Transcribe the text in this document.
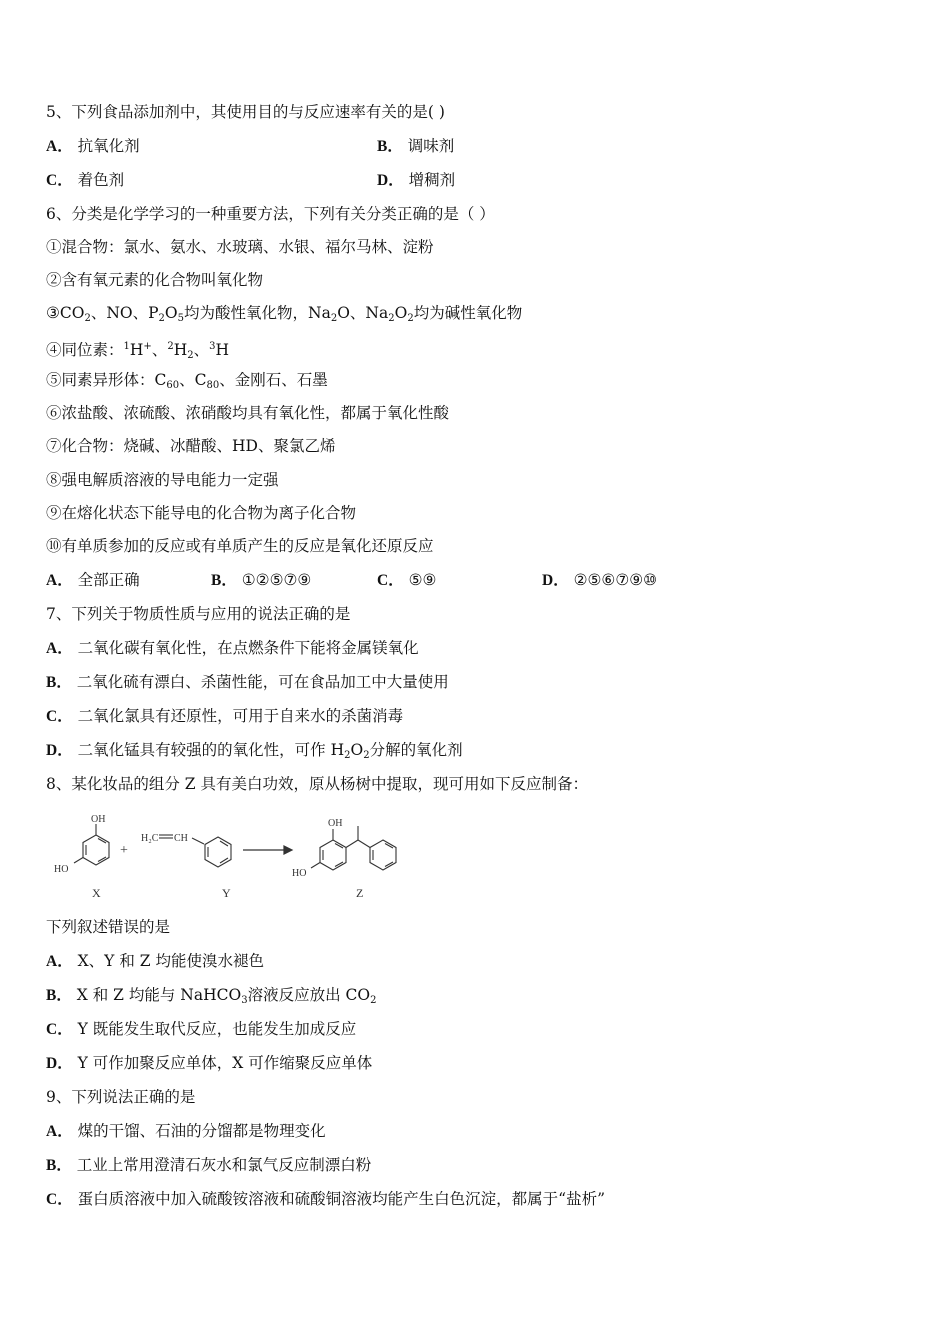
5、下列食品添加剂中，其使用目的与反应速率有关的是( )
A． 抗氧化剂	B． 调味剂
C． 着色剂	D． 增稠剂
6、分类是化学学习的一种重要方法，下列有关分类正确的是（ ）
①混合物：氯水、氨水、水玻璃、水银、福尔马林、淀粉
②含有氧元素的化合物叫氧化物
$③CO_2$、NO、$P_2O_5$均为酸性氧化物，$Na_2O$、$Na_2O_2$均为碱性氧化物
④同位素：$^1$H+、$^2H_2$、$^3$H
⑤同素异形体：$C_{60}$、$C_{80}$、金刚石、石墨
⑥浓盐酸、浓硫酸、浓硝酸均具有氧化性，都属于氧化性酸
⑦化合物：烧碱、冰醋酸、HD、聚氯乙烯
⑧强电解质溶液的导电能力一定强
⑨在熔化状态下能导电的化合物为离子化合物
⑩有单质参加的反应或有单质产生的反应是氧化还原反应
A． 全部正确	B． ①②⑤⑦⑨	C． ⑤⑨	D． ②⑤⑥⑦⑨⑩
7、下列关于物质性质与应用的说法正确的是
A． 二氧化碳有氧化性，在点燃条件下能将金属镁氧化
B． 二氧化硫有漂白、杀菌性能，可在食品加工中大量使用
C． 二氧化氯具有还原性，可用于自来水的杀菌消毒
D． 二氧化锰具有较强的的氧化性，可作 $H_2O_2$分解的氧化剂
8、某化妆品的组分 Z 具有美白功效，原从杨树中提取，现可用如下反应制备：
OH
HO
X
+
H₂C CH
Y
OH
HO
Z
下列叙述错误的是
A． X、Y 和 Z 均能使溴水褪色
B． X 和 Z 均能与 NaHCO$_3$溶液反应放出 $CO_2$
C． Y 既能发生取代反应，也能发生加成反应
D． Y 可作加聚反应单体，X 可作缩聚反应单体
9、下列说法正确的是
A． 煤的干馏、石油的分馏都是物理变化
B． 工业上常用澄清石灰水和氯气反应制漂白粉
C． 蛋白质溶液中加入硫酸铵溶液和硫酸铜溶液均能产生白色沉淀，都属于“盐析”
